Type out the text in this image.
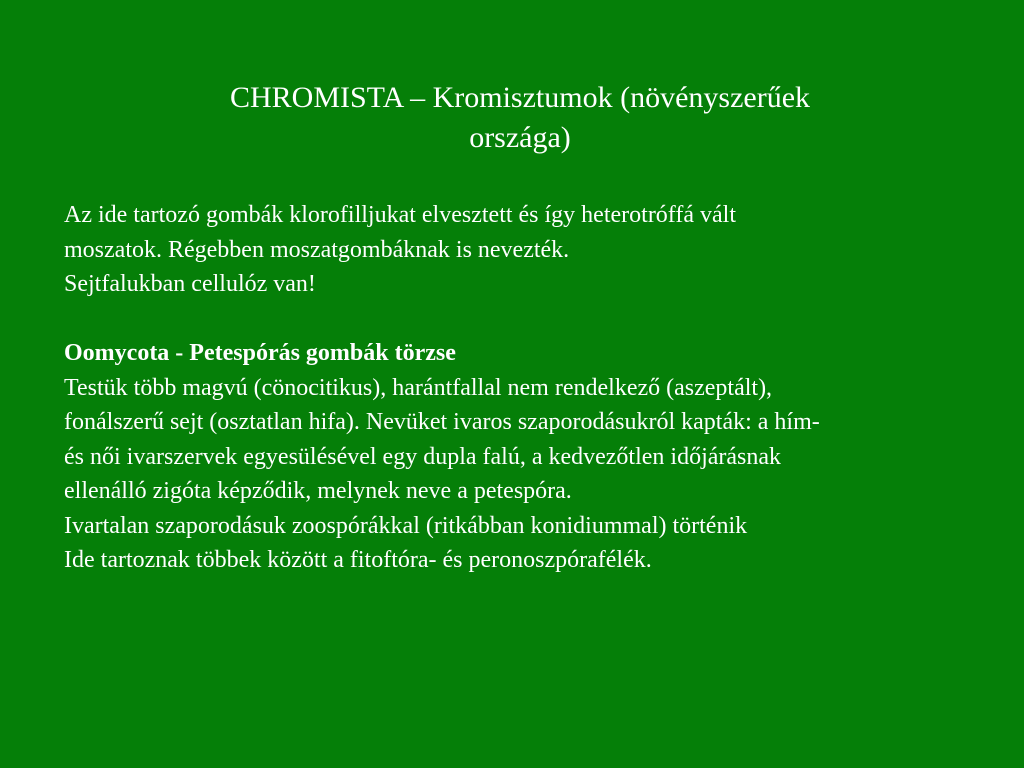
CHROMISTA – Kromisztumok (növényszerűek
országa)

Az ide tartozó gombák klorofilljukat elvesztett és így heterotróffá vált
moszatok. Régebben moszatgombáknak is nevezték.
Sejtfalukban cellulóz van!

Oomycota - Petespórás gombák törzse
Testük több magvú (cönocitikus), harántfallal nem rendelkező (aszeptált),
fonálszerű sejt (osztatlan hifa). Nevüket ivaros szaporodásukról kapták: a hím-
és női ivarszervek egyesülésével egy dupla falú, a kedvezőtlen időjárásnak
ellenálló zigóta képződik, melynek neve a petespóra.
Ivartalan szaporodásuk zoospórákkal (ritkábban konidiummal) történik
Ide tartoznak többek között a fitoftóra- és peronoszpórafélék.
